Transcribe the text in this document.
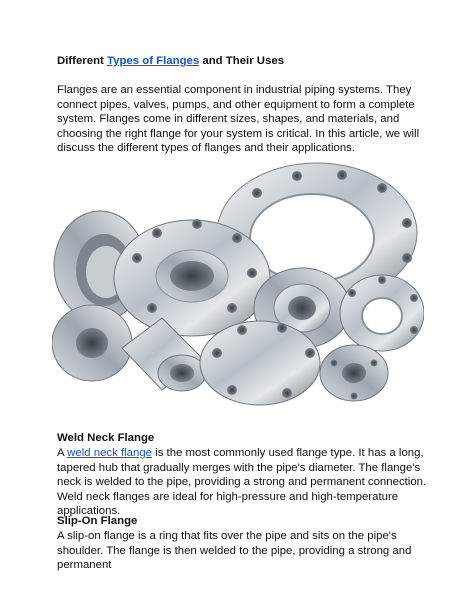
Different Types of Flanges and Their Uses
Flanges are an essential component in industrial piping systems. They connect pipes, valves, pumps, and other equipment to form a complete system. Flanges come in different sizes, shapes, and materials, and choosing the right flange for your system is critical. In this article, we will discuss the different types of flanges and their applications.
Weld Neck Flange
A weld neck flange is the most commonly used flange type. It has a long, tapered hub that gradually merges with the pipe's diameter. The flange's neck is welded to the pipe, providing a strong and permanent connection. Weld neck flanges are ideal for high-pressure and high-temperature applications.
Slip-On Flange
A slip-on flange is a ring that fits over the pipe and sits on the pipe's shoulder. The flange is then welded to the pipe, providing a strong and permanent
